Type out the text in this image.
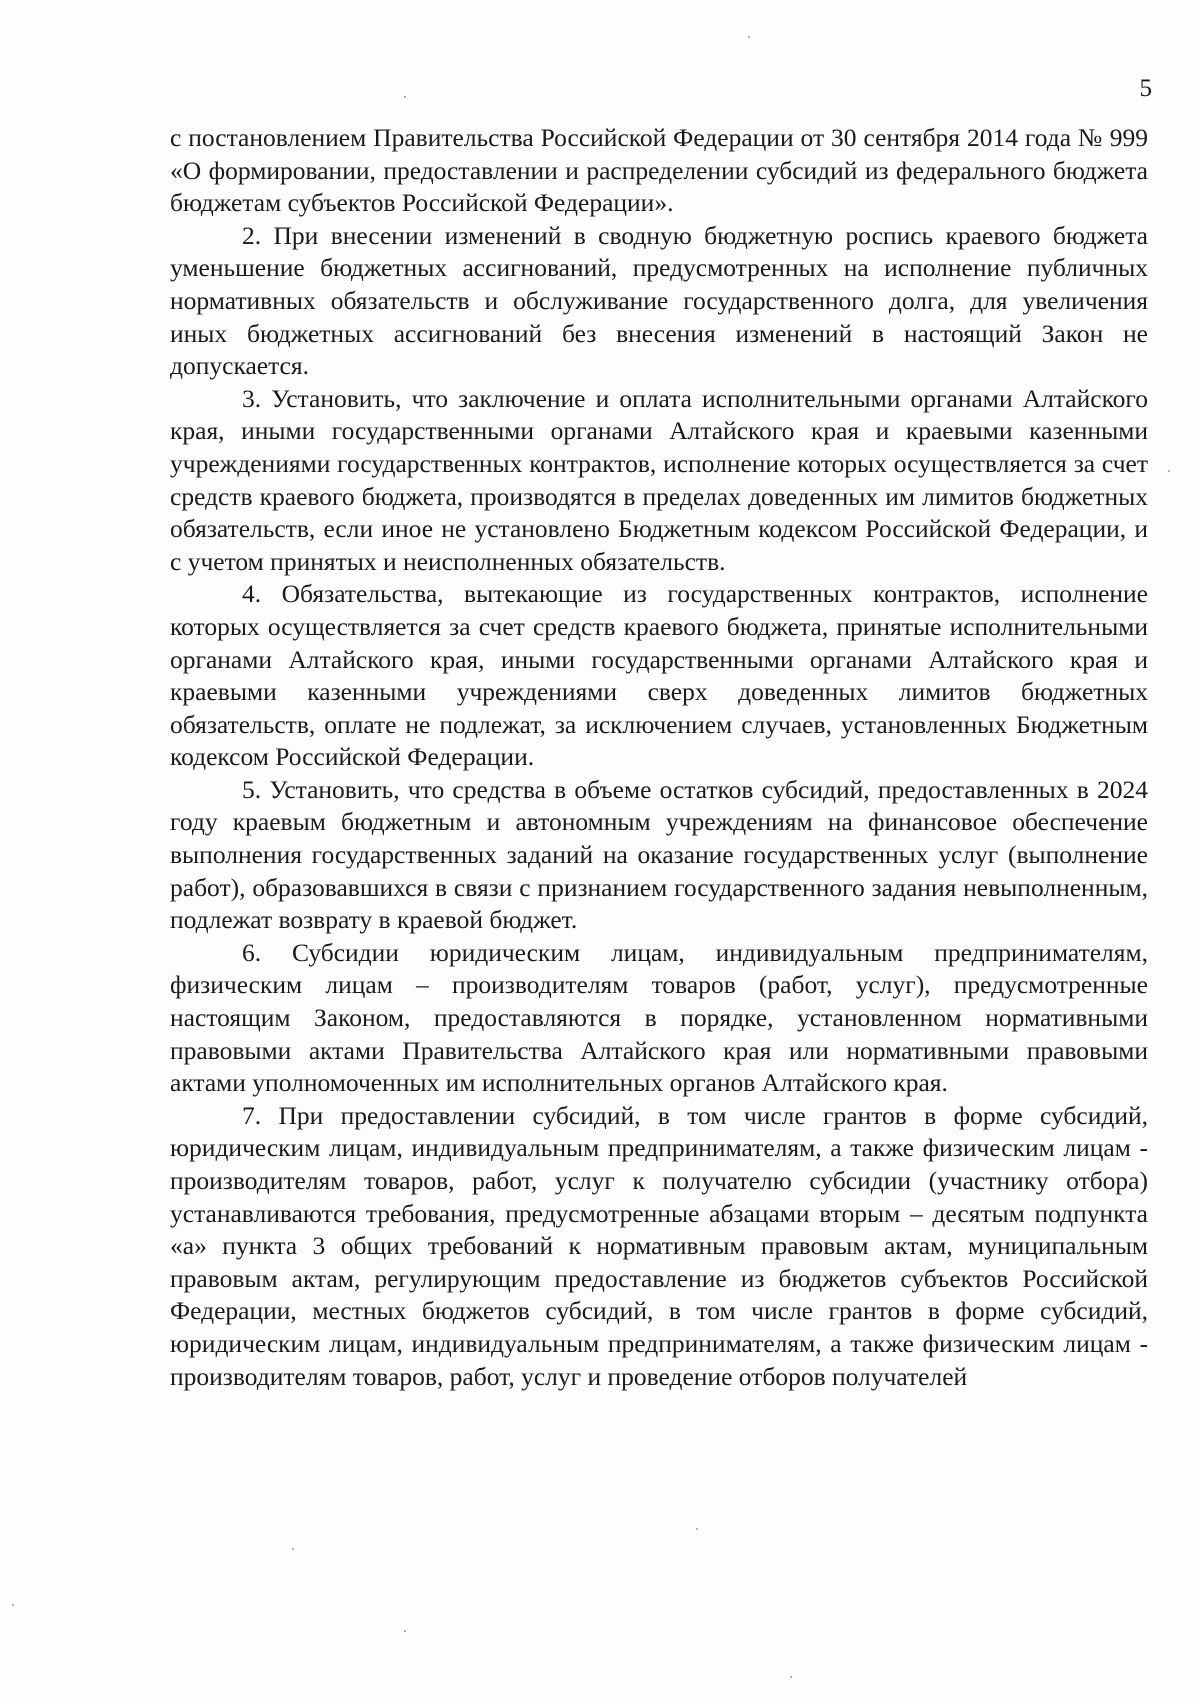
5

с постановлением Правительства Российской Федерации от 30 сентября 2014 года № 999 «О формировании, предоставлении и распределении субсидий из федерального бюджета бюджетам субъектов Российской Федерации».

2. При внесении изменений в сводную бюджетную роспись краевого бюджета уменьшение бюджетных ассигнований, предусмотренных на исполнение публичных нормативных обязательств и обслуживание государственного долга, для увеличения иных бюджетных ассигнований без внесения изменений в настоящий Закон не допускается.

3. Установить, что заключение и оплата исполнительными органами Алтайского края, иными государственными органами Алтайского края и краевыми казенными учреждениями государственных контрактов, исполнение которых осуществляется за счет средств краевого бюджета, производятся в пределах доведенных им лимитов бюджетных обязательств, если иное не установлено Бюджетным кодексом Российской Федерации, и с учетом принятых и неисполненных обязательств.

4. Обязательства, вытекающие из государственных контрактов, исполнение которых осуществляется за счет средств краевого бюджета, принятые исполнительными органами Алтайского края, иными государственными органами Алтайского края и краевыми казенными учреждениями сверх доведенных лимитов бюджетных обязательств, оплате не подлежат, за исключением случаев, установленных Бюджетным кодексом Российской Федерации.

5. Установить, что средства в объеме остатков субсидий, предоставленных в 2024 году краевым бюджетным и автономным учреждениям на финансовое обеспечение выполнения государственных заданий на оказание государственных услуг (выполнение работ), образовавшихся в связи с признанием государственного задания невыполненным, подлежат возврату в краевой бюджет.

6. Субсидии юридическим лицам, индивидуальным предпринимателям, физическим лицам – производителям товаров (работ, услуг), предусмотренные настоящим Законом, предоставляются в порядке, установленном нормативными правовыми актами Правительства Алтайского края или нормативными правовыми актами уполномоченных им исполнительных органов Алтайского края.

7. При предоставлении субсидий, в том числе грантов в форме субсидий, юридическим лицам, индивидуальным предпринимателям, а также физическим лицам - производителям товаров, работ, услуг к получателю субсидии (участнику отбора) устанавливаются требования, предусмотренные абзацами вторым – десятым подпункта «а» пункта 3 общих требований к нормативным правовым актам, муниципальным правовым актам, регулирующим предоставление из бюджетов субъектов Российской Федерации, местных бюджетов субсидий, в том числе грантов в форме субсидий, юридическим лицам, индивидуальным предпринимателям, а также физическим лицам - производителям товаров, работ, услуг и проведение отборов получателей
